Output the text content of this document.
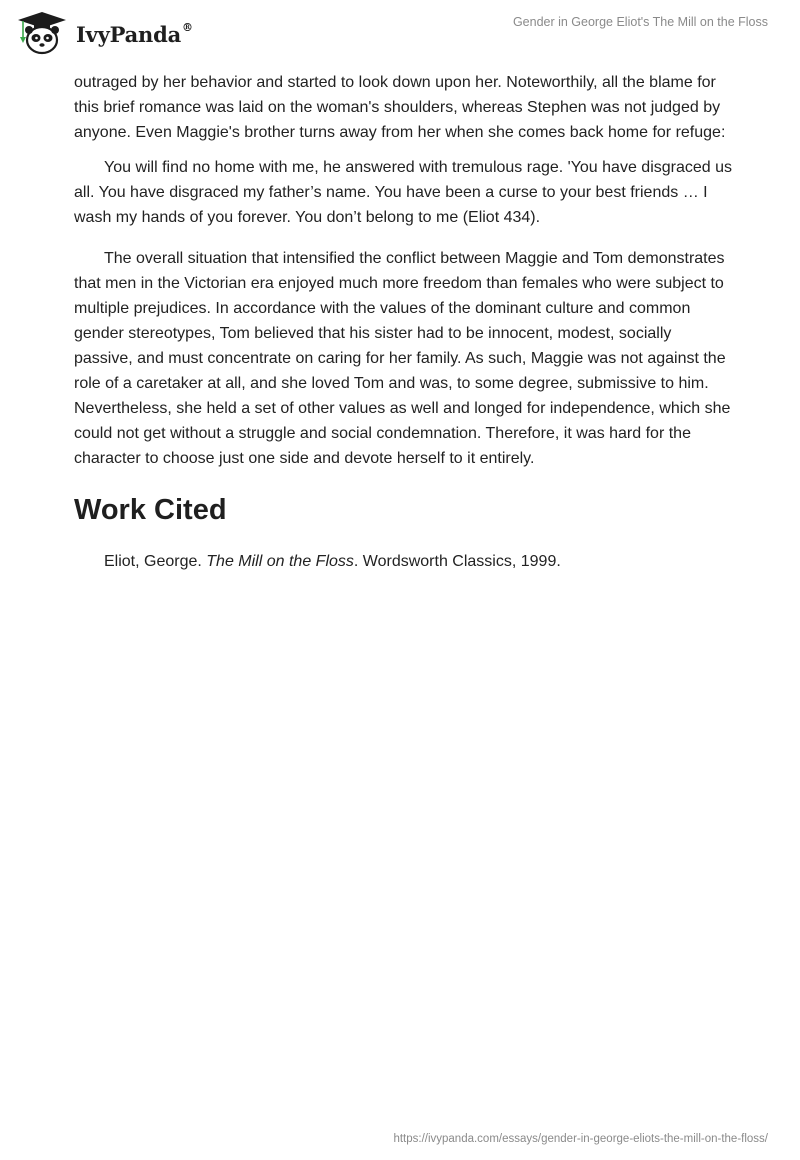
IvyPanda®	Gender in George Eliot's The Mill on the Floss

outraged by her behavior and started to look down upon her. Noteworthily, all the blame for this brief romance was laid on the woman's shoulders, whereas Stephen was not judged by anyone. Even Maggie's brother turns away from her when she comes back home for refuge:

You will find no home with me, he answered with tremulous rage. 'You have disgraced us all. You have disgraced my father’s name. You have been a curse to your best friends … I wash my hands of you forever. You don’t belong to me (Eliot 434).

The overall situation that intensified the conflict between Maggie and Tom demonstrates that men in the Victorian era enjoyed much more freedom than females who were subject to multiple prejudices. In accordance with the values of the dominant culture and common gender stereotypes, Tom believed that his sister had to be innocent, modest, socially passive, and must concentrate on caring for her family. As such, Maggie was not against the role of a caretaker at all, and she loved Tom and was, to some degree, submissive to him. Nevertheless, she held a set of other values as well and longed for independence, which she could not get without a struggle and social condemnation. Therefore, it was hard for the character to choose just one side and devote herself to it entirely.

Work Cited

Eliot, George. The Mill on the Floss. Wordsworth Classics, 1999.

https://ivypanda.com/essays/gender-in-george-eliots-the-mill-on-the-floss/
